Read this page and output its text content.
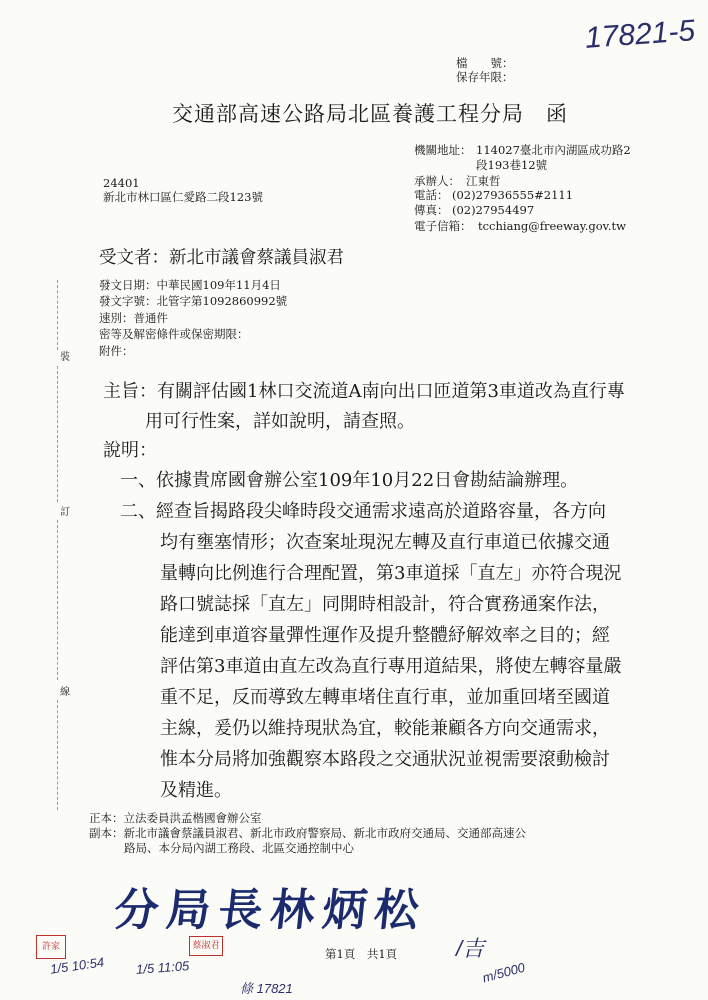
17821-5
檔　　號：
保存年限：
交通部高速公路局北區養護工程分局　函
機關地址： 114027臺北市內湖區成功路2
段193巷12號
承辦人： 江東哲
電話： (02)27936555#2111
傳真： (02)27954497
電子信箱： tcchiang@freeway.gov.tw
24401
新北市林口區仁愛路二段123號
受文者：新北市議會蔡議員淑君
發文日期：中華民國109年11月4日
發文字號：北管字第1092860992號
速別：普通件
密等及解密條件或保密期限：
附件：
裝
訂
線
主旨：有關評估國1林口交流道A南向出口匝道第3車道改為直行專
用可行性案，詳如說明，請查照。
說明：
一、依據貴席國會辦公室109年10月22日會勘結論辦理。
二、經查旨揭路段尖峰時段交通需求遠高於道路容量，各方向
均有壅塞情形；次查案址現況左轉及直行車道已依據交通
量轉向比例進行合理配置，第3車道採「直左」亦符合現況
路口號誌採「直左」同開時相設計，符合實務通案作法，
能達到車道容量彈性運作及提升整體紓解效率之目的；經
評估第3車道由直左改為直行專用道結果，將使左轉容量嚴
重不足，反而導致左轉車堵住直行車，並加重回堵至國道
主線，爰仍以維持現狀為宜，較能兼顧各方向交通需求，
惟本分局將加強觀察本路段之交通狀況並視需要滾動檢討
及精進。
正本：立法委員洪孟楷國會辦公室
副本：新北市議會蔡議員淑君、新北市政府警察局、新北市政府交通局、交通部高速公
路局、本分局內湖工務段、北區交通控制中心
分局長林炳松
許家	蔡淑君
1/5 10:54 1/5 11:05
條 17821
/吉
m/5000
第1頁　共1頁
